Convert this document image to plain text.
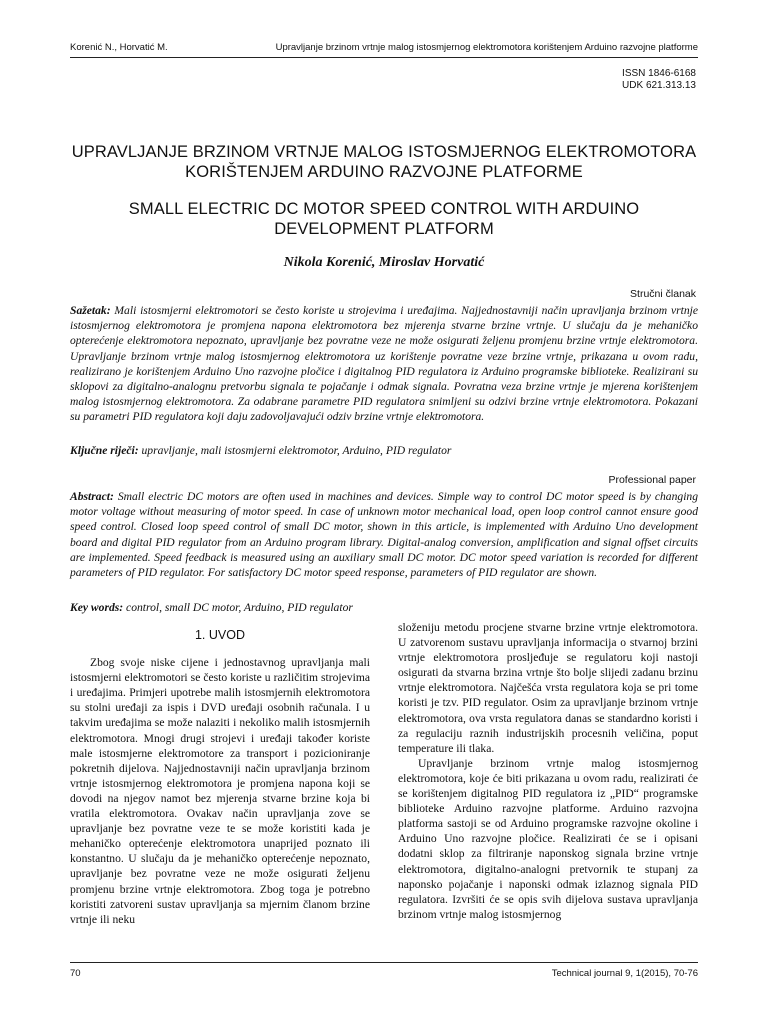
Korenić N., Horvatić M.	Upravljanje brzinom vrtnje malog istosmjernog elektromotora korištenjem Arduino razvojne platforme
ISSN 1846-6168
UDK 621.313.13
UPRAVLJANJE BRZINOM VRTNJE MALOG ISTOSMJERNOG ELEKTROMOTORA
KORIŠTENJEM ARDUINO RAZVOJNE PLATFORME
SMALL ELECTRIC DC MOTOR SPEED CONTROL WITH ARDUINO
DEVELOPMENT PLATFORM
Nikola Korenić, Miroslav Horvatić
Stručni članak
Sažetak: Mali istosmjerni elektromotori se često koriste u strojevima i uređajima. Najjednostavniji način upravljanja brzinom vrtnje istosmjernog elektromotora je promjena napona elektromotora bez mjerenja stvarne brzine vrtnje. U slučaju da je mehaničko opterećenje elektromotora nepoznato, upravljanje bez povratne veze ne može osigurati željenu promjenu brzine vrtnje elektromotora. Upravljanje brzinom vrtnje malog istosmjernog elektromotora uz korištenje povratne veze brzine vrtnje, prikazana u ovom radu, realizirano je korištenjem Arduino Uno razvojne pločice i digitalnog PID regulatora iz Arduino programske biblioteke. Realizirani su sklopovi za digitalno-analognu pretvorbu signala te pojačanje i odmak signala. Povratna veza brzine vrtnje je mjerena korištenjem malog istosmjernog elektromotora. Za odabrane parametre PID regulatora snimljeni su odzivi brzine vrtnje elektromotora. Pokazani su parametri PID regulatora koji daju zadovoljavajući odziv brzine vrtnje elektromotora.
Ključne riječi: upravljanje, mali istosmjerni elektromotor, Arduino, PID regulator
Professional paper
Abstract: Small electric DC motors are often used in machines and devices. Simple way to control DC motor speed is by changing motor voltage without measuring of motor speed. In case of unknown motor mechanical load, open loop control cannot ensure good speed control. Closed loop speed control of small DC motor, shown in this article, is implemented with Arduino Uno development board and digital PID regulator from an Arduino program library. Digital-analog conversion, amplification and signal offset circuits are implemented. Speed feedback is measured using an auxiliary small DC motor. DC motor speed variation is recorded for different parameters of PID regulator. For satisfactory DC motor speed response, parameters of PID regulator are shown.
Key words: control, small DC motor, Arduino, PID regulator
1. UVOD

Zbog svoje niske cijene i jednostavnog upravljanja mali istosmjerni elektromotori se često koriste u različitim strojevima i uređajima. Primjeri upotrebe malih istosmjernih elektromotora su stolni uređaji za ispis i DVD uređaji osobnih računala. I u takvim uređajima se može nalaziti i nekoliko malih istosmjernih elektromotora. Mnogi drugi strojevi i uređaji također koriste male istosmjerne elektromotore za transport i pozicioniranje pokretnih dijelova. Najjednostavniji način upravljanja brzinom vrtnje istosmjernog elektromotora je promjena napona koji se dovodi na njegov namot bez mjerenja stvarne brzine koja bi vratila elektromotora. Ovakav način upravljanja zove se upravljanje bez povratne veze te se može koristiti kada je mehaničko opterećenje elektromotora unaprijed poznato ili konstantno. U slučaju da je mehaničko opterećenje nepoznato, upravljanje bez povratne veze ne može osigurati željenu promjenu brzine vrtnje elektromotora. Zbog toga je potrebno koristiti zatvoreni sustav upravljanja sa mjernim članom brzine vrtnje ili neku

složeniju metodu procjene stvarne brzine vrtnje elektromotora. U zatvorenom sustavu upravljanja informacija o stvarnoj brzini vrtnje elektromotora prosljeđuje se regulatoru koji nastoji osigurati da stvarna brzina vrtnje što bolje slijedi zadanu brzinu vrtnje elektromotora. Najčešća vrsta regulatora koja se pri tome koristi je tzv. PID regulator. Osim za upravljanje brzinom vrtnje elektromotora, ova vrsta regulatora danas se standardno koristi i za regulaciju raznih industrijskih procesnih veličina, poput temperature ili tlaka.

Upravljanje brzinom vrtnje malog istosmjernog elektromotora, koje će biti prikazana u ovom radu, realizirati će se korištenjem digitalnog PID regulatora iz „PID“ programske biblioteke Arduino razvojne platforme. Arduino razvojna platforma sastoji se od Arduino programske razvojne okoline i Arduino Uno razvojne pločice. Realizirati će se i opisani dodatni sklop za filtriranje naponskog signala brzine vrtnje elektromotora, digitalno-analogni pretvornik te stupanj za naponsko pojačanje i naponski odmak izlaznog signala PID regulatora. Izvršiti će se opis svih dijelova sustava upravljanja brzinom vrtnje malog istosmjernog

70	Technical journal 9, 1(2015), 70-76
